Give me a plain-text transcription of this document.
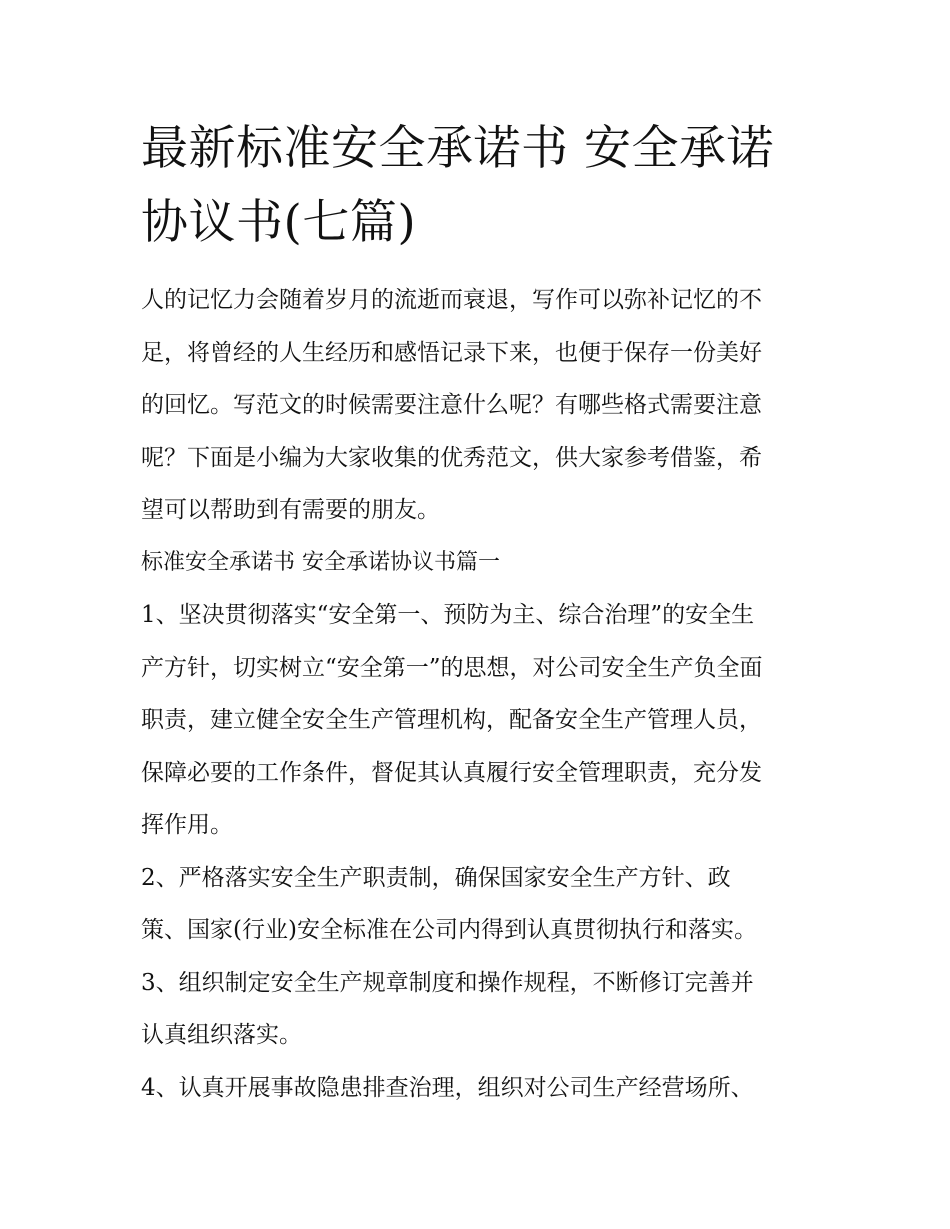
最新标准安全承诺书 安全承诺
协议书(七篇)

人的记忆力会随着岁月的流逝而衰退，写作可以弥补记忆的不
足，将曾经的人生经历和感悟记录下来，也便于保存一份美好
的回忆。写范文的时候需要注意什么呢？有哪些格式需要注意
呢？下面是小编为大家收集的优秀范文，供大家参考借鉴，希
望可以帮助到有需要的朋友。

标准安全承诺书 安全承诺协议书篇一

1、坚决贯彻落实“安全第一、预防为主、综合治理”的安全生
产方针，切实树立“安全第一”的思想，对公司安全生产负全面
职责，建立健全安全生产管理机构，配备安全生产管理人员，
保障必要的工作条件，督促其认真履行安全管理职责，充分发
挥作用。

2、严格落实安全生产职责制，确保国家安全生产方针、政
策、国家(行业)安全标准在公司内得到认真贯彻执行和落实。

3、组织制定安全生产规章制度和操作规程，不断修订完善并
认真组织落实。

4、认真开展事故隐患排查治理，组织对公司生产经营场所、
